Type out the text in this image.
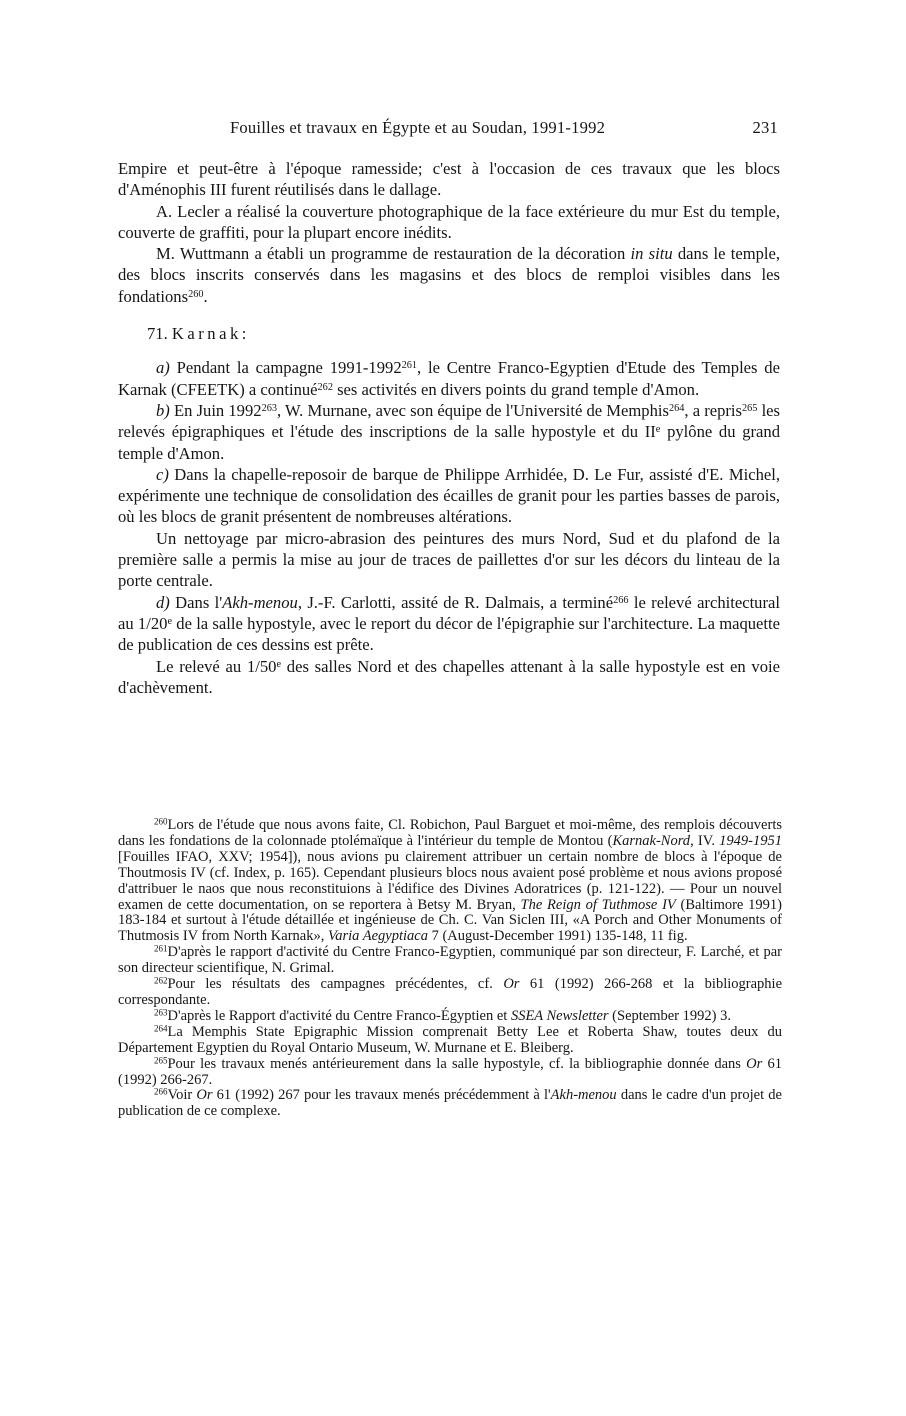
Fouilles et travaux en Égypte et au Soudan, 1991-1992	231

Empire et peut-être à l'époque ramesside; c'est à l'occasion de ces travaux que les blocs d'Aménophis III furent réutilisés dans le dallage.

A. Lecler a réalisé la couverture photographique de la face extérieure du mur Est du temple, couverte de graffiti, pour la plupart encore inédits.

M. Wuttmann a établi un programme de restauration de la décoration in situ dans le temple, des blocs inscrits conservés dans les magasins et des blocs de remploi visibles dans les fondations$^{260}$.

71. Karnak:

a) Pendant la campagne 1991-1992$^{261}$, le Centre Franco-Egyptien d'Etude des Temples de Karnak (CFEETK) a continué$^{262}$ ses activités en divers points du grand temple d'Amon.

b) En Juin 1992$^{263}$, W. Murnane, avec son équipe de l'Université de Memphis$^{264}$, a repris$^{265}$ les relevés épigraphiques et l'étude des inscriptions de la salle hypostyle et du IIe pylône du grand temple d'Amon.

c) Dans la chapelle-reposoir de barque de Philippe Arrhidée, D. Le Fur, assisté d'E. Michel, expérimente une technique de consolidation des écailles de granit pour les parties basses de parois, où les blocs de granit présentent de nombreuses altérations.

Un nettoyage par micro-abrasion des peintures des murs Nord, Sud et du plafond de la première salle a permis la mise au jour de traces de paillettes d'or sur les décors du linteau de la porte centrale.

d) Dans l'Akh-menou, J.-F. Carlotti, assité de R. Dalmais, a terminé$^{266}$ le relevé architectural au 1/20e de la salle hypostyle, avec le report du décor de l'épigraphie sur l'architecture. La maquette de publication de ces dessins est prête.

Le relevé au 1/50e des salles Nord et des chapelles attenant à la salle hypostyle est en voie d'achèvement.

$^{260}$Lors de l'étude que nous avons faite, Cl. Robichon, Paul Barguet et moi-même, des remplois découverts dans les fondations de la colonnade ptolémaïque à l'intérieur du temple de Montou (Karnak-Nord, IV. 1949-1951 [Fouilles IFAO, XXV; 1954]), nous avions pu clairement attribuer un certain nombre de blocs à l'époque de Thoutmosis IV (cf. Index, p. 165). Cependant plusieurs blocs nous avaient posé problème et nous avions proposé d'attribuer le naos que nous reconstituions à l'édifice des Divines Adoratrices (p. 121-122). — Pour un nouvel examen de cette documentation, on se reportera à Betsy M. Bryan, The Reign of Tuthmose IV (Baltimore 1991) 183-184 et surtout à l'étude détaillée et ingénieuse de Ch. C. Van Siclen III, «A Porch and Other Monuments of Thutmosis IV from North Karnak», Varia Aegyptiaca 7 (August-December 1991) 135-148, 11 fig.

$^{261}$D'après le rapport d'activité du Centre Franco-Egyptien, communiqué par son directeur, F. Larché, et par son directeur scientifique, N. Grimal.

$^{262}$Pour les résultats des campagnes précédentes, cf. Or 61 (1992) 266-268 et la bibliographie correspondante.

$^{263}$D'après le Rapport d'activité du Centre Franco-Égyptien et SSEA Newsletter (September 1992) 3.

$^{264}$La Memphis State Epigraphic Mission comprenait Betty Lee et Roberta Shaw, toutes deux du Département Egyptien du Royal Ontario Museum, W. Murnane et E. Bleiberg.

$^{265}$Pour les travaux menés antérieurement dans la salle hypostyle, cf. la bibliographie donnée dans Or 61 (1992) 266-267.

$^{266}$Voir Or 61 (1992) 267 pour les travaux menés précédemment à l'Akh-menou dans le cadre d'un projet de publication de ce complexe.
